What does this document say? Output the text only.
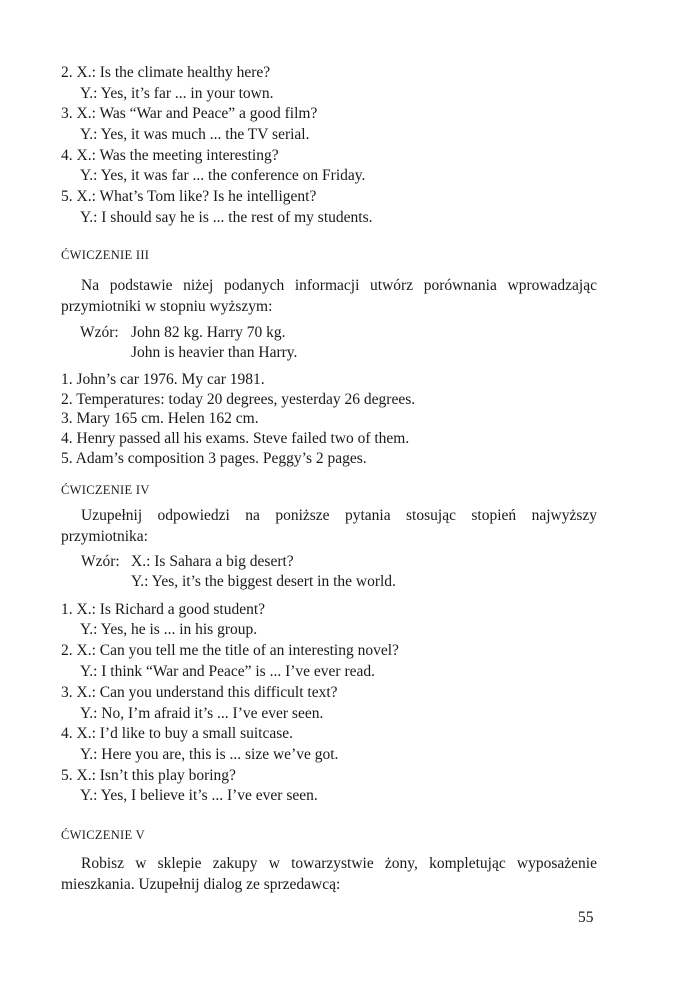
2. X.: Is the climate healthy here?
Y.: Yes, it’s far ... in your town.
3. X.: Was “War and Peace” a good film?
Y.: Yes, it was much ... the TV serial.
4. X.: Was the meeting interesting?
Y.: Yes, it was far ... the conference on Friday.
5. X.: What’s Tom like? Is he intelligent?
Y.: I should say he is ... the rest of my students.
ĆWICZENIE III
Na podstawie niżej podanych informacji utwórz porównania wprowadzając przymiotniki w stopniu wyższym:
Wzór: John 82 kg. Harry 70 kg.
John is heavier than Harry.
1. John’s car 1976. My car 1981.
2. Temperatures: today 20 degrees, yesterday 26 degrees.
3. Mary 165 cm. Helen 162 cm.
4. Henry passed all his exams. Steve failed two of them.
5. Adam’s composition 3 pages. Peggy’s 2 pages.
ĆWICZENIE IV
Uzupełnij odpowiedzi na poniższe pytania stosując stopień najwyższy przymiotnika:
Wzór: X.: Is Sahara a big desert?
Y.: Yes, it’s the biggest desert in the world.
1. X.: Is Richard a good student?
Y.: Yes, he is ... in his group.
2. X.: Can you tell me the title of an interesting novel?
Y.: I think “War and Peace” is ... I’ve ever read.
3. X.: Can you understand this difficult text?
Y.: No, I’m afraid it’s ... I’ve ever seen.
4. X.: I’d like to buy a small suitcase.
Y.: Here you are, this is ... size we’ve got.
5. X.: Isn’t this play boring?
Y.: Yes, I believe it’s ... I’ve ever seen.
ĆWICZENIE V
Robisz w sklepie zakupy w towarzystwie żony, kompletując wyposażenie mieszkania. Uzupełnij dialog ze sprzedawcą:
55
